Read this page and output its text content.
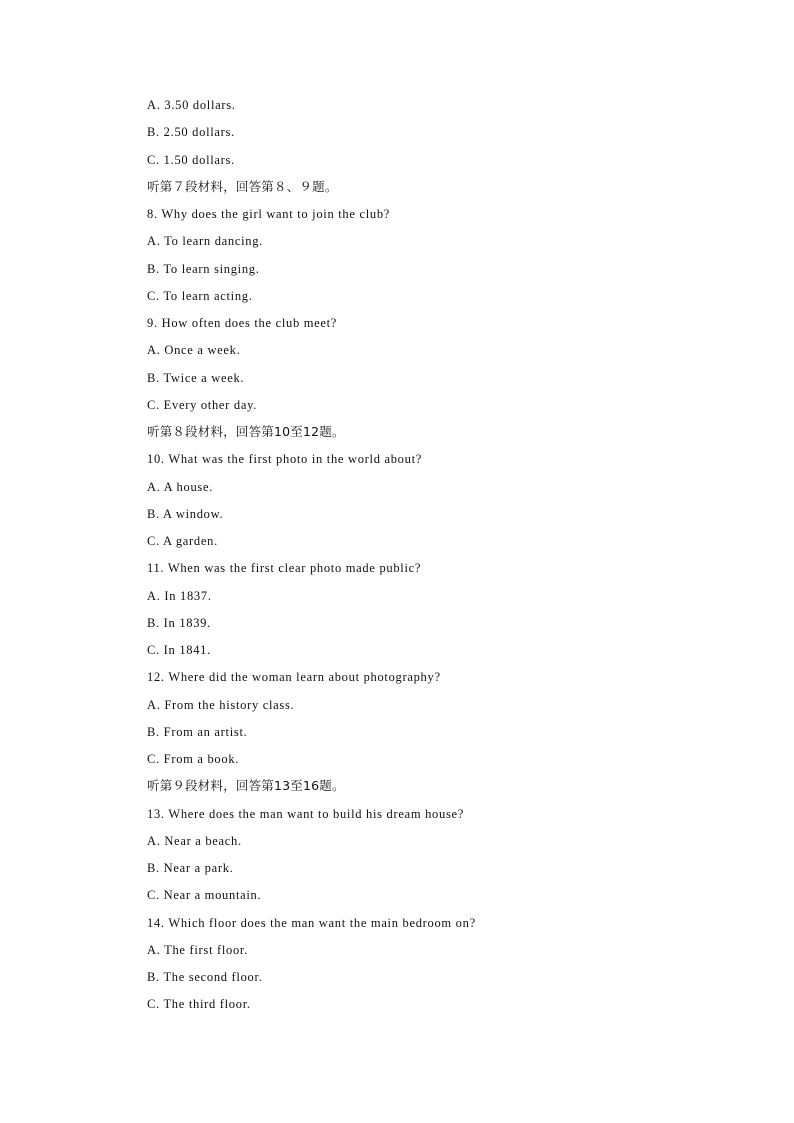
A. 3.50 dollars.
B. 2.50 dollars.
C. 1.50 dollars.
听第７段材料，回答第８、９题。
8. Why does the girl want to join the club?
A. To learn dancing.
B. To learn singing.
C. To learn acting.
9. How often does the club meet?
A. Once a week.
B. Twice a week.
C. Every other day.
听第８段材料，回答第10至12题。
10. What was the first photo in the world about?
A. A house.
B. A window.
C. A garden.
11. When was the first clear photo made public?
A. In 1837.
B. In 1839.
C. In 1841.
12. Where did the woman learn about photography?
A. From the history class.
B. From an artist.
C. From a book.
听第９段材料，回答第13至16题。
13. Where does the man want to build his dream house?
A. Near a beach.
B. Near a park.
C. Near a mountain.
14. Which floor does the man want the main bedroom on?
A. The first floor.
B. The second floor.
C. The third floor.
